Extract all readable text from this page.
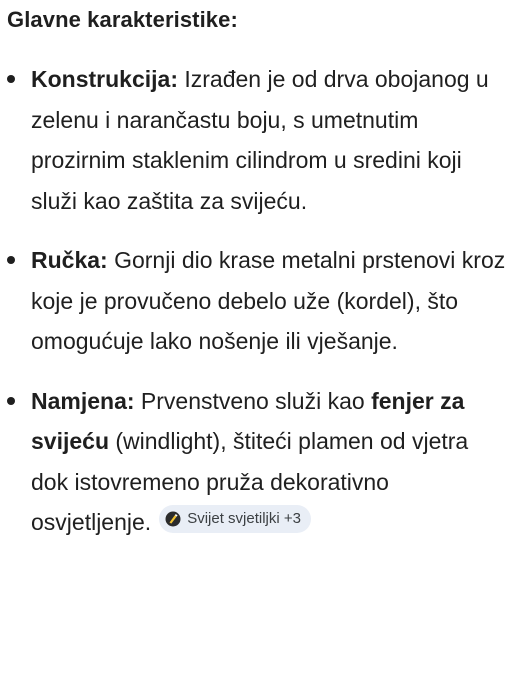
Glavne karakteristike:
Konstrukcija: Izrađen je od drva obojanog u zelenu i narančastu boju, s umetnutim prozirnim staklenim cilindrom u sredini koji služi kao zaštita za svijeću.
Ručka: Gornji dio krase metalni prstenovi kroz koje je provučeno debelo uže (kordel), što omogućuje lako nošenje ili vješanje.
Namjena: Prvenstveno služi kao fenjer za svijeću (windlight), štiteći plamen od vjetra dok istovremeno pruža dekorativno
osvjetljenje. Svijet svjetiljki +3
